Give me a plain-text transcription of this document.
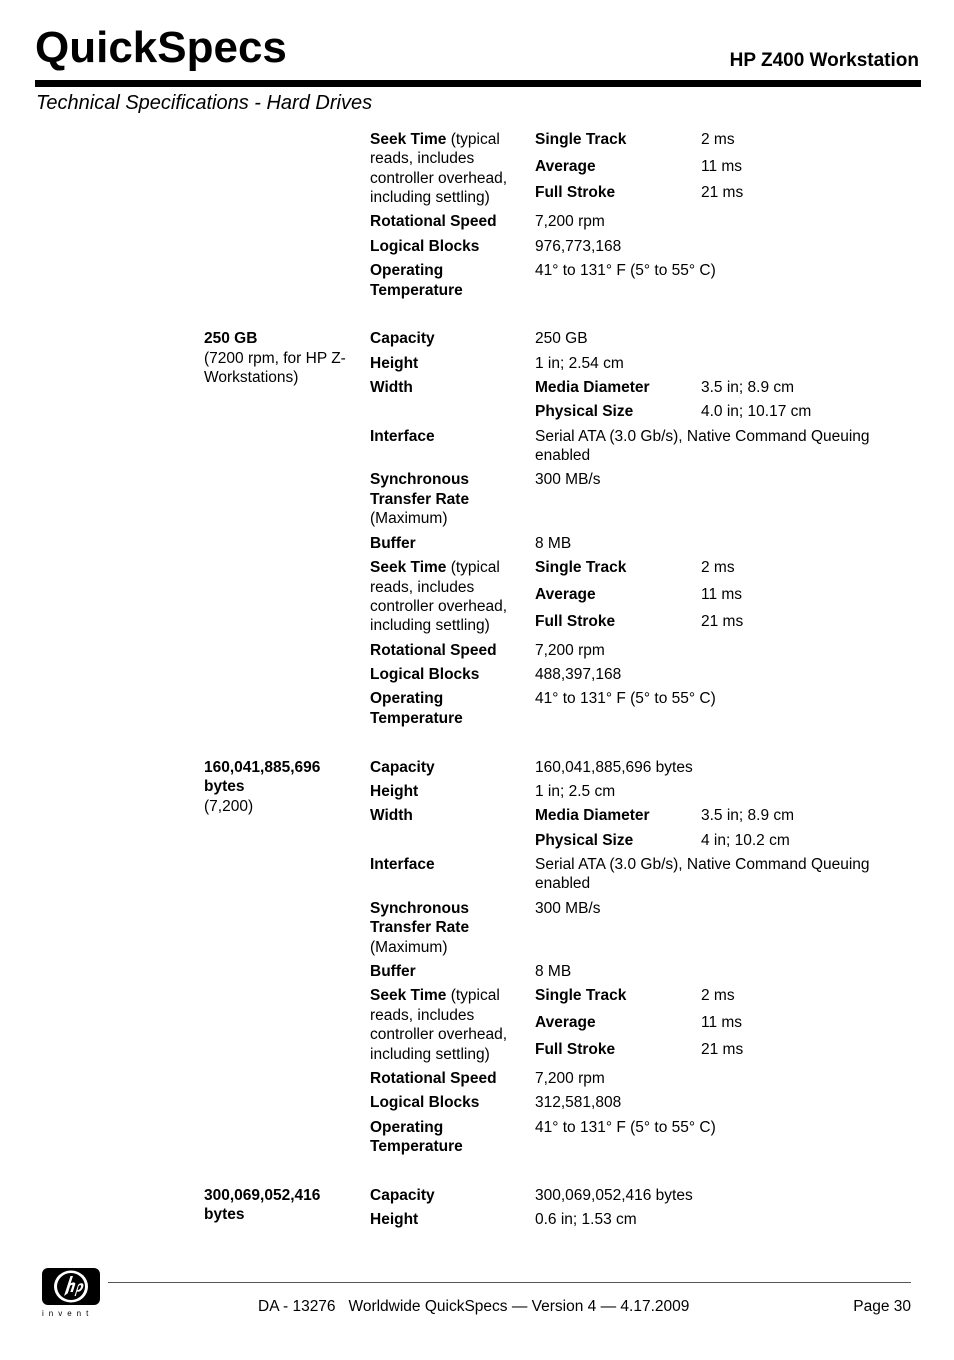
QuickSpecs	HP Z400 Workstation
Technical Specifications - Hard Drives
Seek Time (typical
reads, includes
controller overhead,
including settling)
Single Track	2 ms
Average	11 ms
Full Stroke	21 ms
Rotational Speed 7,200 rpm
Logical Blocks	976,773,168
Operating
Temperature
41° to 131° F (5° to 55° C)
250 GB
(7200 rpm, for HP Z-
Workstations)
Capacity	250 GB
Height	1 in; 2.54 cm
Width	Media Diameter	3.5 in; 8.9 cm
Physical Size	4.0 in; 10.17 cm
Interface	Serial ATA (3.0 Gb/s), Native Command Queuing
enabled
Synchronous
Transfer Rate
(Maximum)
300 MB/s
Buffer	8 MB
Seek Time (typical
reads, includes
controller overhead,
including settling)
Single Track	2 ms
Average	11 ms
Full Stroke	21 ms
Rotational Speed 7,200 rpm
Logical Blocks	488,397,168
Operating
Temperature
41° to 131° F (5° to 55° C)
160,041,885,696
bytes
(7,200)
Capacity	160,041,885,696 bytes
Height	1 in; 2.5 cm
Width	Media Diameter	3.5 in; 8.9 cm
Physical Size	4 in; 10.2 cm
Interface	Serial ATA (3.0 Gb/s), Native Command Queuing
enabled
Synchronous
Transfer Rate
(Maximum)
300 MB/s
Buffer	8 MB
Seek Time (typical
reads, includes
controller overhead,
including settling)
Single Track	2 ms
Average	11 ms
Full Stroke	21 ms
Rotational Speed 7,200 rpm
Logical Blocks	312,581,808
Operating
Temperature
41° to 131° F (5° to 55° C)
300,069,052,416
bytes
Capacity	300,069,052,416 bytes
Height	0.6 in; 1.53 cm
invent	DA - 13276   Worldwide QuickSpecs — Version 4 — 4.17.2009	Page 30
